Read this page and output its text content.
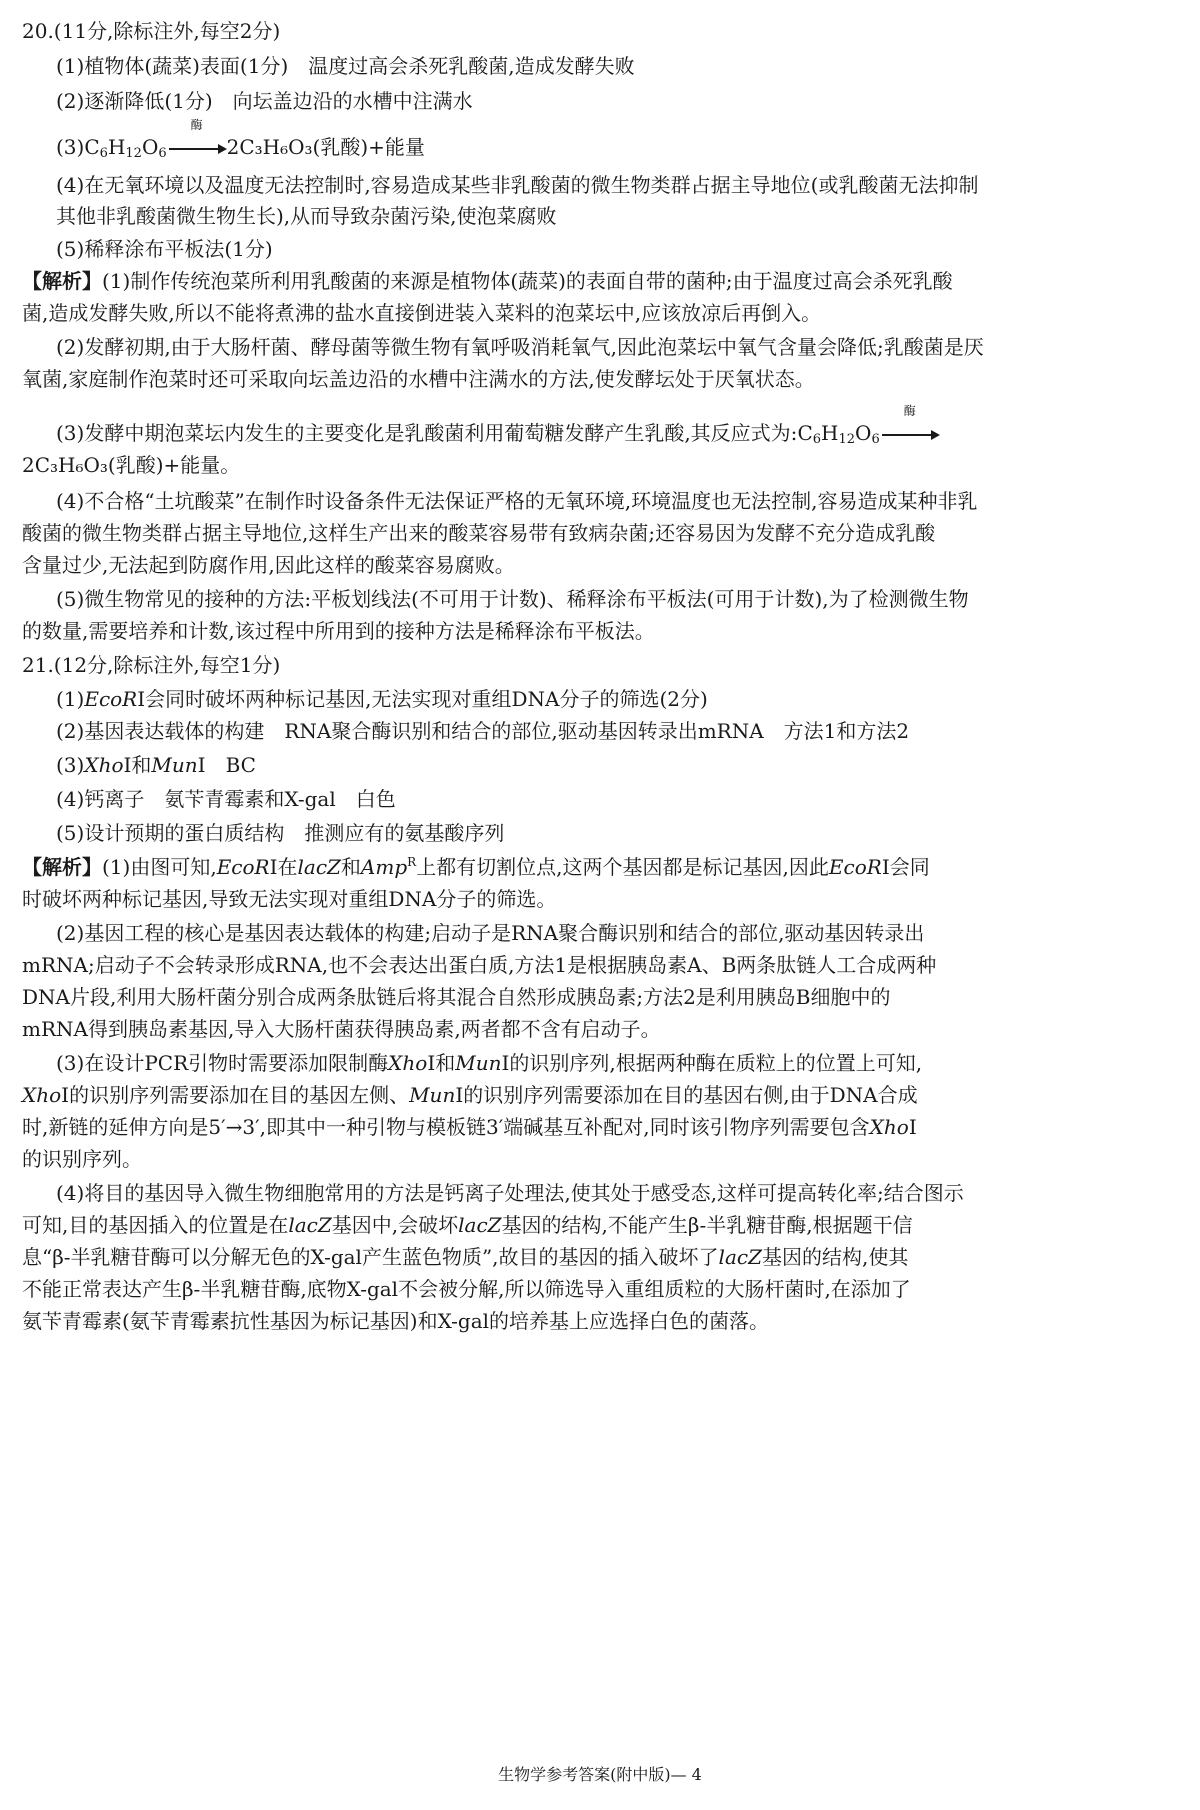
20.(11分,除标注外,每空2分)
(1)植物体(蔬菜)表面(1分)　温度过高会杀死乳酸菌,造成发酵失败
(2)逐渐降低(1分)　向坛盖边沿的水槽中注满水
$(3)C_6H_{12}O_6$
酶
2C₃H₆O₃(乳酸)+能量
(4)在无氧环境以及温度无法控制时,容易造成某些非乳酸菌的微生物类群占据主导地位(或乳酸菌无法抑制
其他非乳酸菌微生物生长),从而导致杂菌污染,使泡菜腐败
(5)稀释涂布平板法(1分)
【解析】(1)制作传统泡菜所利用乳酸菌的来源是植物体(蔬菜)的表面自带的菌种;由于温度过高会杀死乳酸
菌,造成发酵失败,所以不能将煮沸的盐水直接倒进装入菜料的泡菜坛中,应该放凉后再倒入。
(2)发酵初期,由于大肠杆菌、酵母菌等微生物有氧呼吸消耗氧气,因此泡菜坛中氧气含量会降低;乳酸菌是厌
氧菌,家庭制作泡菜时还可采取向坛盖边沿的水槽中注满水的方法,使发酵坛处于厌氧状态。
(3)发酵中期泡菜坛内发生的主要变化是乳酸菌利用葡萄糖发酵产生乳酸,其反应式为$:C_6H_{12}O_6$
酶
2C₃H₆O₃(乳酸)+能量。
(4)不合格“土坑酸菜”在制作时设备条件无法保证严格的无氧环境,环境温度也无法控制,容易造成某种非乳
酸菌的微生物类群占据主导地位,这样生产出来的酸菜容易带有致病杂菌;还容易因为发酵不充分造成乳酸
含量过少,无法起到防腐作用,因此这样的酸菜容易腐败。
(5)微生物常见的接种的方法:平板划线法(不可用于计数)、稀释涂布平板法(可用于计数),为了检测微生物
的数量,需要培养和计数,该过程中所用到的接种方法是稀释涂布平板法。
21.(12分,除标注外,每空1分)
(1)EcoRⅠ会同时破坏两种标记基因,无法实现对重组DNA分子的筛选(2分)
(2)基因表达载体的构建　RNA聚合酶识别和结合的部位,驱动基因转录出mRNA　方法1和方法2
(3)XhoⅠ和MunⅠ　BC
(4)钙离子　氨苄青霉素和X-gal　白色
(5)设计预期的蛋白质结构　推测应有的氨基酸序列
【解析】(1)由图可知,EcoRⅠ在lacZ和Amp$^R$上都有切割位点,这两个基因都是标记基因,因此EcoRⅠ会同
时破坏两种标记基因,导致无法实现对重组DNA分子的筛选。
(2)基因工程的核心是基因表达载体的构建;启动子是RNA聚合酶识别和结合的部位,驱动基因转录出
mRNA;启动子不会转录形成RNA,也不会表达出蛋白质,方法1是根据胰岛素A、B两条肽链人工合成两种
DNA片段,利用大肠杆菌分别合成两条肽链后将其混合自然形成胰岛素;方法2是利用胰岛B细胞中的
mRNA得到胰岛素基因,导入大肠杆菌获得胰岛素,两者都不含有启动子。
(3)在设计PCR引物时需要添加限制酶XhoⅠ和MunⅠ的识别序列,根据两种酶在质粒上的位置上可知,
XhoⅠ的识别序列需要添加在目的基因左侧、MunⅠ的识别序列需要添加在目的基因右侧,由于DNA合成
时,新链的延伸方向是5′→3′,即其中一种引物与模板链3′端碱基互补配对,同时该引物序列需要包含XhoⅠ
的识别序列。
(4)将目的基因导入微生物细胞常用的方法是钙离子处理法,使其处于感受态,这样可提高转化率;结合图示
可知,目的基因插入的位置是在lacZ基因中,会破坏lacZ基因的结构,不能产生β-半乳糖苷酶,根据题干信
息“β-半乳糖苷酶可以分解无色的X-gal产生蓝色物质”,故目的基因的插入破坏了lacZ基因的结构,使其
不能正常表达产生β-半乳糖苷酶,底物X-gal不会被分解,所以筛选导入重组质粒的大肠杆菌时,在添加了
氨苄青霉素(氨苄青霉素抗性基因为标记基因)和X-gal的培养基上应选择白色的菌落。
生物学参考答案(附中版)— 4
